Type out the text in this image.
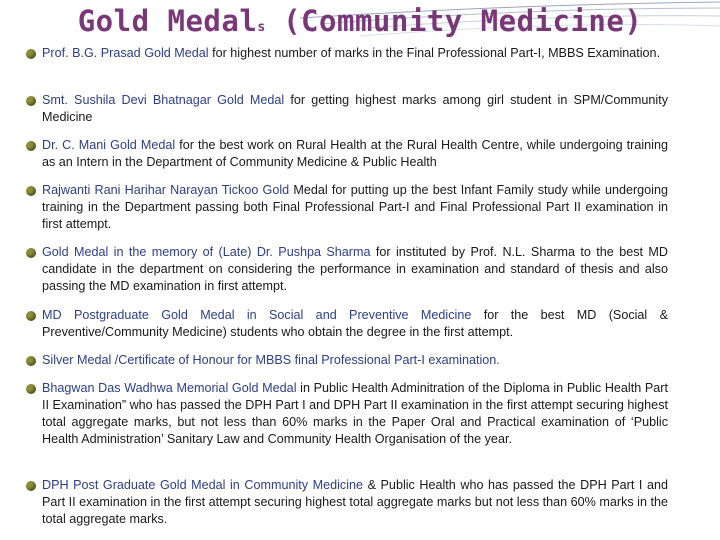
Gold Medals (Community Medicine)
Prof. B.G. Prasad Gold Medal for highest number of marks in the Final Professional Part-I, MBBS Examination.
Smt. Sushila Devi Bhatnagar Gold Medal for getting highest marks among girl student in SPM/Community Medicine
Dr. C. Mani Gold Medal for the best work on Rural Health at the Rural Health Centre, while undergoing training as an Intern in the Department of Community Medicine & Public Health
Rajwanti Rani Harihar Narayan Tickoo Gold Medal for putting up the best Infant Family study while undergoing training in the Department passing both Final Professional Part-I and Final Professional Part II examination in first attempt.
Gold Medal in the memory of (Late) Dr. Pushpa Sharma for instituted by Prof. N.L. Sharma to the best MD candidate in the department on considering the performance in examination and standard of thesis and also passing the MD examination in first attempt.
MD Postgraduate Gold Medal in Social and Preventive Medicine for the best MD (Social & Preventive/Community Medicine) students who obtain the degree in the first attempt.
Silver Medal /Certificate of Honour for MBBS final Professional Part-I examination.
Bhagwan Das Wadhwa Memorial Gold Medal in Public Health Adminitration of the Diploma in Public Health Part II Examination” who has passed the DPH Part I and DPH Part II examination in the first attempt securing highest total aggregate marks, but not less than 60% marks in the Paper Oral and Practical examination of ‘Public Health Administration’ Sanitary Law and Community Health Organisation of the year.
DPH Post Graduate Gold Medal in Community Medicine & Public Health who has passed the DPH Part I and Part II examination in the first attempt securing highest total aggregate marks but not less than 60% marks in the total aggregate marks.
